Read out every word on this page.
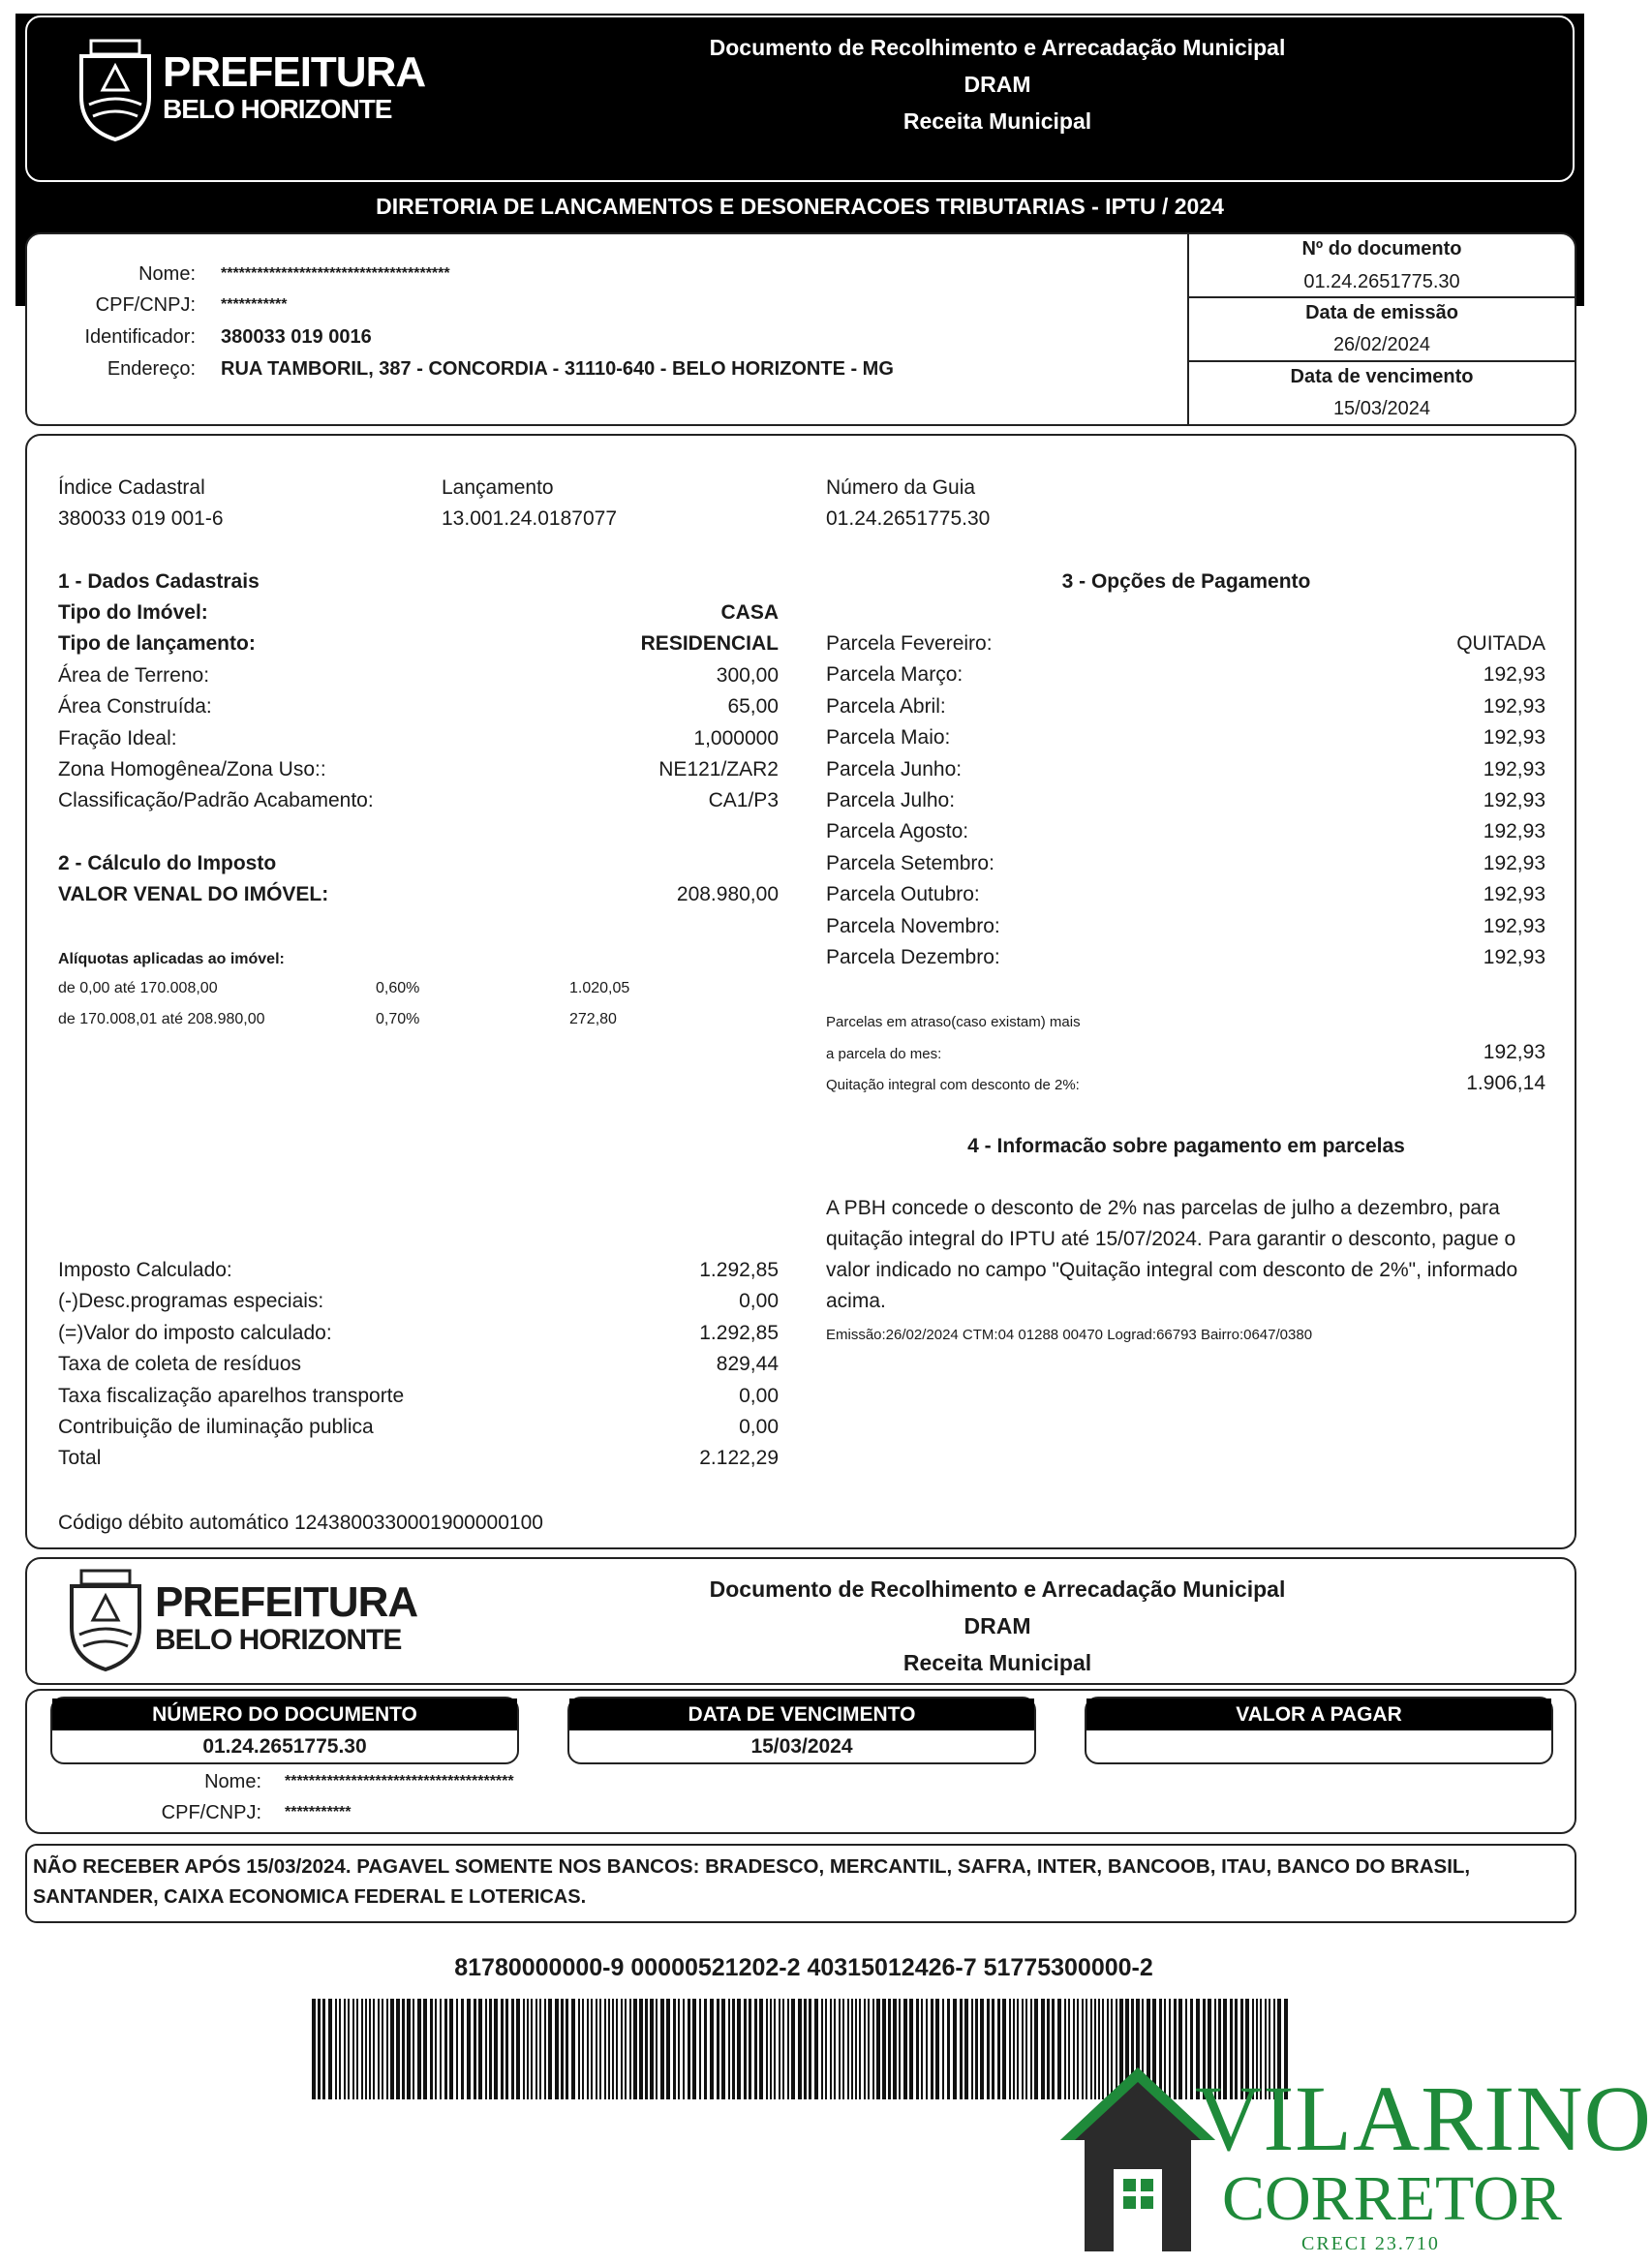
PREFEITURA
BELO HORIZONTE
Documento de Recolhimento e Arrecadação Municipal
DRAM
Receita Municipal
DIRETORIA DE LANCAMENTOS E DESONERACOES TRIBUTARIAS - IPTU / 2024
Nome: **************************************
CPF/CNPJ: ***********
Identificador: 380033 019 0016
Endereço: RUA TAMBORIL, 387 - CONCORDIA - 31110-640 - BELO HORIZONTE - MG
Nº do documento
01.24.2651775.30
Data de emissão
26/02/2024
Data de vencimento
15/03/2024
Índice Cadastral
380033 019 001-6
Lançamento
13.001.24.0187077
Número da Guia
01.24.2651775.30
1 - Dados Cadastrais
Tipo do Imóvel:	CASA
Tipo de lançamento:	RESIDENCIAL
Área de Terreno:	300,00
Área Construída:	65,00
Fração Ideal:	1,000000
Zona Homogênea/Zona Uso::	NE121/ZAR2
Classificação/Padrão Acabamento:	CA1/P3
2 - Cálculo do Imposto
VALOR VENAL DO IMÓVEL:	208.980,00
Alíquotas aplicadas ao imóvel:
de 0,00 até 170.008,00	0,60%	1.020,05
de 170.008,01 até 208.980,00	0,70%	272,80
Imposto Calculado:	1.292,85
(-)Desc.programas especiais:	0,00
(=)Valor do imposto calculado:	1.292,85
Taxa de coleta de resíduos	829,44
Taxa fiscalização aparelhos transporte	0,00
Contribuição de iluminação publica	0,00
Total	2.122,29
Código débito automático 1243800330001900000100
3 - Opções de Pagamento
Parcela Fevereiro:	QUITADA
Parcela Março:	192,93
Parcela Abril:	192,93
Parcela Maio:	192,93
Parcela Junho:	192,93
Parcela Julho:	192,93
Parcela Agosto:	192,93
Parcela Setembro:	192,93
Parcela Outubro:	192,93
Parcela Novembro:	192,93
Parcela Dezembro:	192,93
Parcelas em atraso(caso existam) mais
a parcela do mes:	192,93
Quitação integral com desconto de 2%:	1.906,14
4 - Informacão sobre pagamento em parcelas
A PBH concede o desconto de 2% nas parcelas de julho a dezembro, para
quitação integral do IPTU até 15/07/2024. Para garantir o desconto, pague o
valor indicado no campo "Quitação integral com desconto de 2%", informado
acima.
Emissão:26/02/2024 CTM:04 01288 00470 Lograd:66793 Bairro:0647/0380
PREFEITURA
BELO HORIZONTE
Documento de Recolhimento e Arrecadação Municipal
DRAM
Receita Municipal
NÚMERO DO DOCUMENTO
01.24.2651775.30
DATA DE VENCIMENTO
15/03/2024
VALOR A PAGAR
Nome: **************************************
CPF/CNPJ: ***********
NÃO RECEBER APÓS 15/03/2024. PAGAVEL SOMENTE NOS BANCOS: BRADESCO, MERCANTIL, SAFRA, INTER, BANCOOB, ITAU, BANCO DO BRASIL,
SANTANDER, CAIXA ECONOMICA FEDERAL E LOTERICAS.
81780000000-9 00000521202-2 40315012426-7 51775300000-2
VILARINO
CORRETOR
CRECI 23.710
